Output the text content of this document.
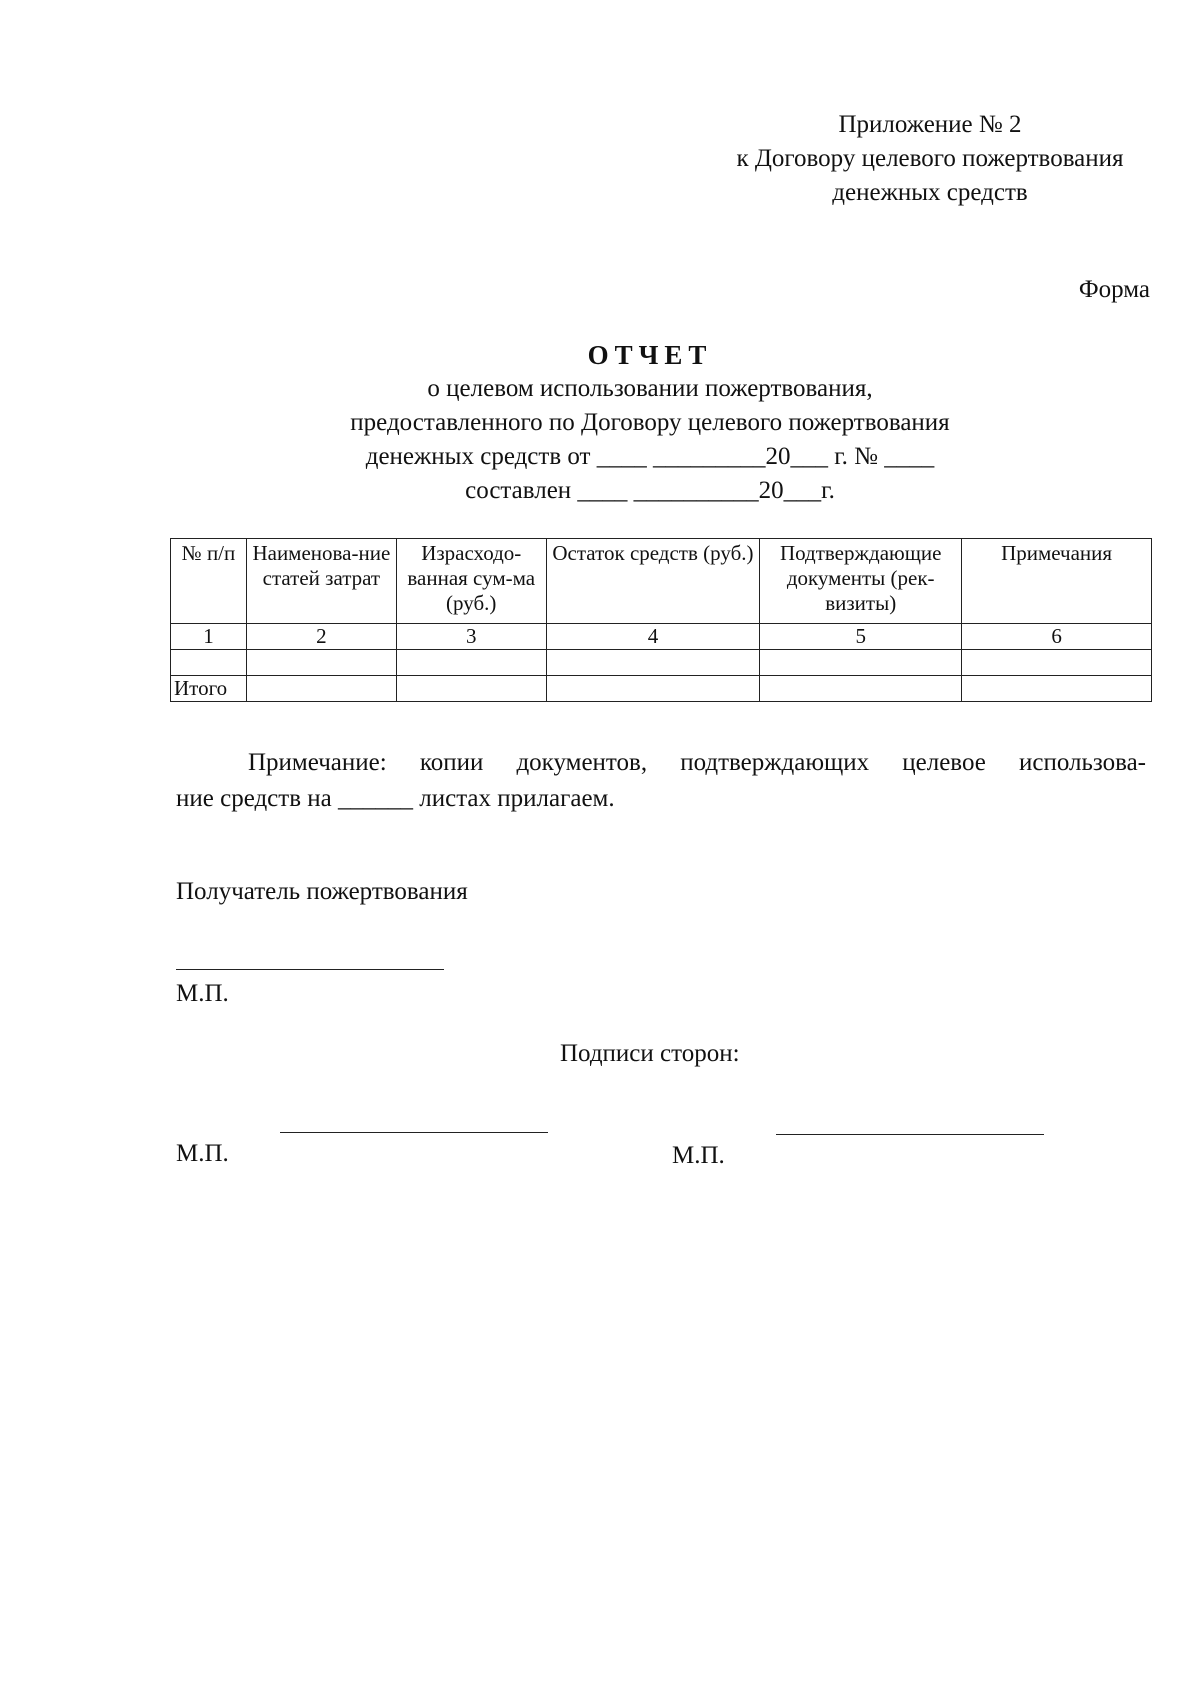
Приложение № 2
к Договору целевого пожертвования
денежных средств
Форма
ОТЧЕТ
о целевом использовании пожертвования,
предоставленного по Договору целевого пожертвования
денежных средств от ____ _________20___ г. № ____
составлен ____ __________20___г.
№ п/п	Наименова-ние статей затрат	Израсходо-ванная сум-ма (руб.)	Остаток средств (руб.)	Подтверждающие документы (рек-визиты)	Примечания
1	2	3	4	5	6

Итого					
Примечание: копии документов, подтверждающих целевое использова-
ние средств на ______ листах прилагаем.
Получатель пожертвования
М.П.
Подписи сторон:
М.П.	М.П.
